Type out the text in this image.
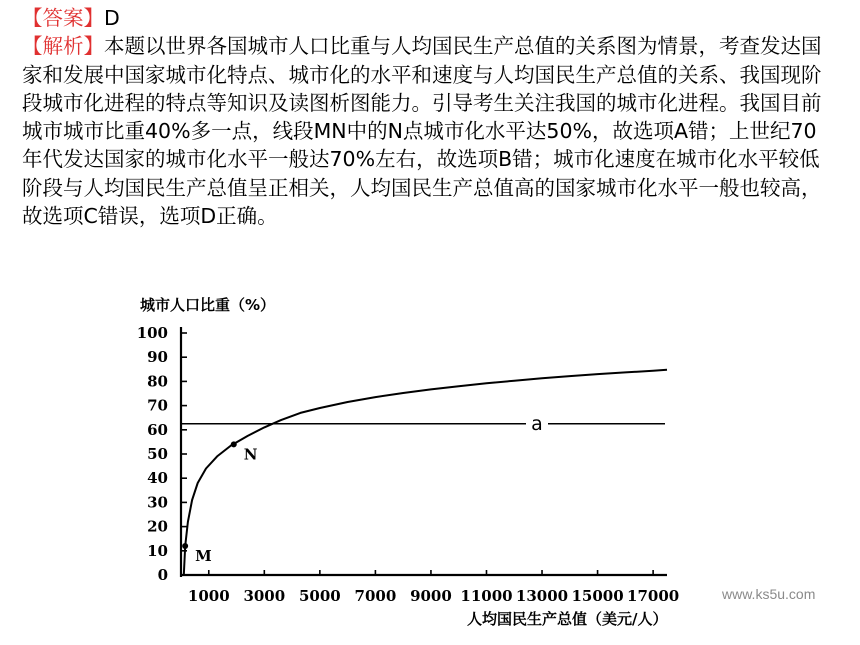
【答案】D
【解析】本题以世界各国城市人口比重与人均国民生产总值的关系图为情景，考查发达国家和发展中国家城市化特点、城市化的水平和速度与人均国民生产总值的关系、我国现阶段城市化进程的特点等知识及读图析图能力。引导考生关注我国的城市化进程。我国目前城市城市比重40%多一点，线段MN中的N点城市化水平达50%，故选项A错；上世纪70年代发达国家的城市化水平一般达70%左右，故选项B错；城市化速度在城市化水平较低阶段与人均国民生产总值呈正相关，人均国民生产总值高的国家城市化水平一般也较高，故选项C错误，选项D正确。
城市人口比重（%）
0
10
20
30
40
50
60
70
80
90
100
1000 3000 5000 7000 9000 11000 13000 15000 17000
a
M
N
人均国民生产总值（美元/人）
www.ks5u.com
